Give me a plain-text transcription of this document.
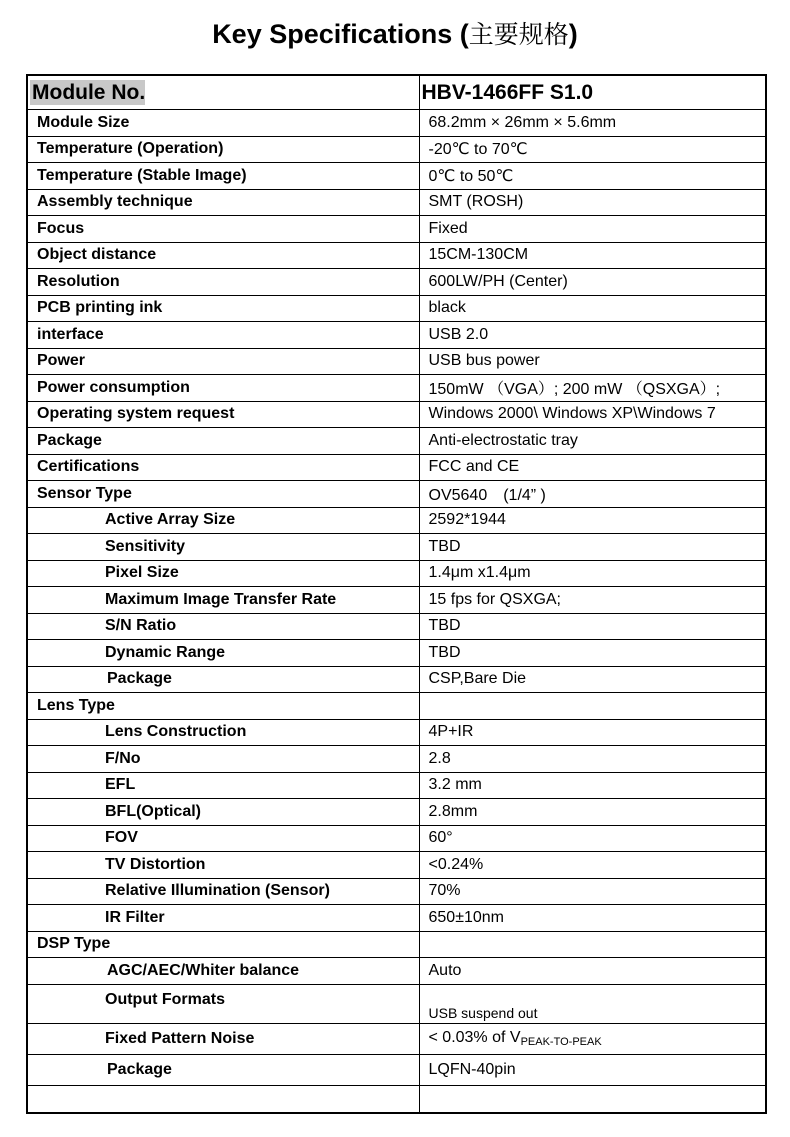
Key Specifications (主要规格)
Module No.	HBV-1466FF S1.0
Module Size	68.2mm × 26mm × 5.6mm
Temperature (Operation)	-20℃ to 70℃
Temperature (Stable Image)	0℃ to 50℃
Assembly technique	SMT (ROSH)
Focus	Fixed
Object distance	15CM-130CM
Resolution	600LW/PH (Center)
PCB printing ink	black
interface	USB 2.0
Power	USB bus power
Power consumption	150mW （VGA）; 200 mW （QSXGA）;
Operating system request	Windows 2000\ Windows XP\Windows 7
Package	Anti-electrostatic tray
Certifications	FCC and CE
Sensor Type	OV5640　(1/4” )
Active Array Size	2592*1944
Sensitivity	TBD
Pixel Size	1.4μm x1.4μm
Maximum Image Transfer Rate	15 fps for QSXGA;
S/N Ratio	TBD
Dynamic Range	TBD
Package	CSP,Bare Die
Lens Type	
Lens Construction	4P+IR
F/No	2.8
EFL	3.2 mm
BFL(Optical)	2.8mm
FOV	60°
TV Distortion	<0.24%
Relative Illumination (Sensor)	70%
IR Filter	650±10nm
DSP Type	
AGC/AEC/Whiter balance	Auto
Output Formats	USB suspend out
Fixed Pattern Noise	< 0.03% of VPEAK-TO-PEAK
Package	LQFN-40pin
